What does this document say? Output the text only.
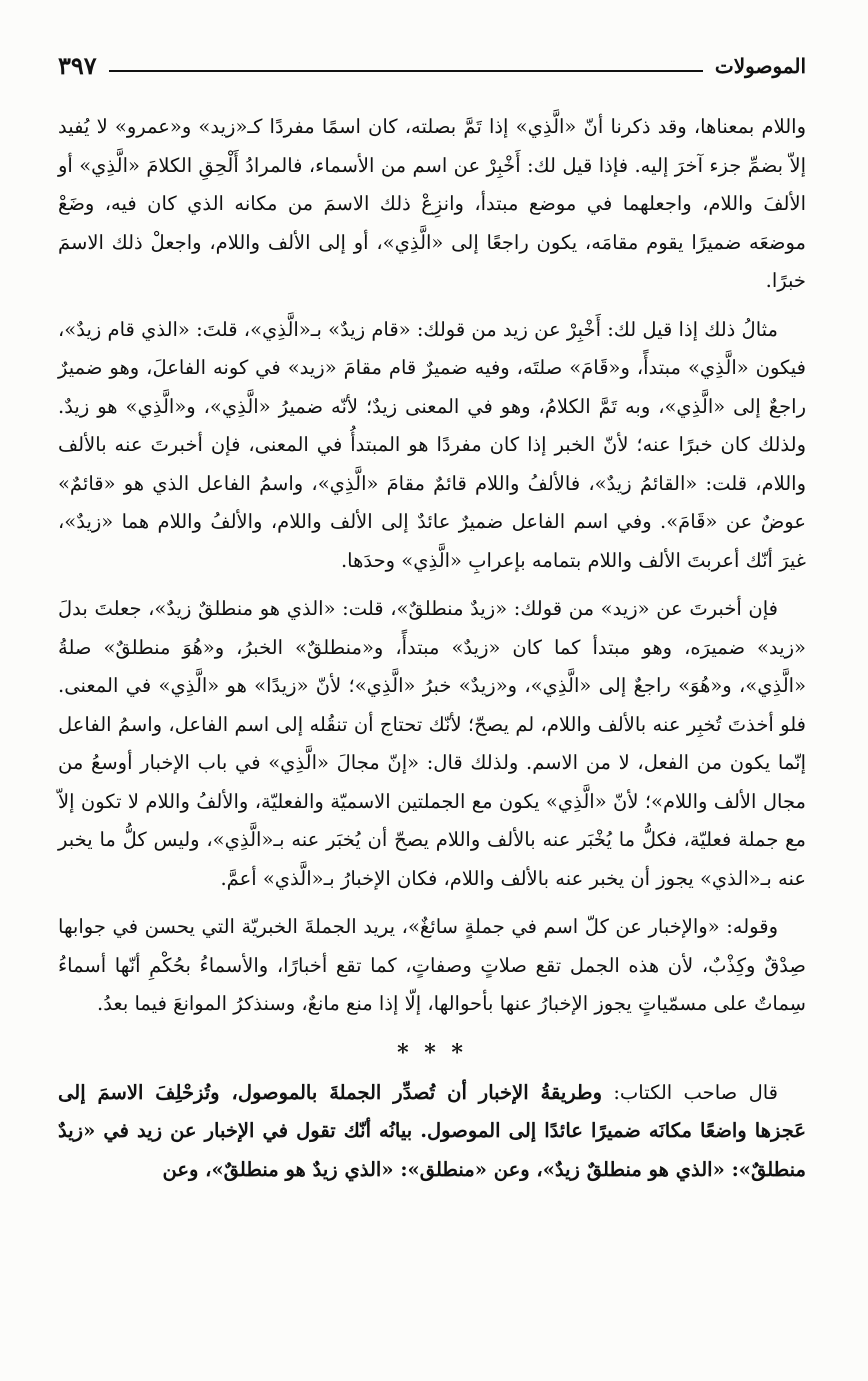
الموصولات
٣٩٧

واللام بمعناها، وقد ذكرنا أنّ «الَّذِي» إذا تَمَّ بصلته، كان اسمًا مفردًا كـ«زيد» و«عمرو» لا يُفيد إلاّ بضمِّ جزء آخرَ إليه. فإذا قيل لك: أَخْبِرْ عن اسم من الأسماء، فالمرادُ أَلْحِقِ الكلامَ «الَّذِي» أو الألفَ واللام، واجعلهما في موضع مبتدأ، وانزِعْ ذلك الاسمَ من مكانه الذي كان فيه، وضَعْ موضعَه ضميرًا يقوم مقامَه، يكون راجعًا إلى «الَّذِي»، أو إلى الألف واللام، واجعلْ ذلك الاسمَ خبرًا.

مثالُ ذلك إذا قيل لك: أَخْبِرْ عن زيد من قولك: «قام زيدٌ» بـ«الَّذِي»، قلتَ: «الذي قام زيدٌ»، فيكون «الَّذِي» مبتدأً، و«قَامَ» صلتَه، وفيه ضميرٌ قام مقامَ «زيد» في كونه الفاعلَ، وهو ضميرٌ راجعٌ إلى «الَّذِي»، وبه تَمَّ الكلامُ، وهو في المعنى زيدٌ؛ لأنّه ضميرُ «الَّذِي»، و«الَّذِي» هو زيدٌ. ولذلك كان خبرًا عنه؛ لأنّ الخبر إذا كان مفردًا هو المبتدأُ في المعنى، فإن أخبرتَ عنه بالألف واللام، قلت: «القائمُ زيدٌ»، فالألفُ واللام قائمٌ مقامَ «الَّذِي»، واسمُ الفاعل الذي هو «قائمٌ» عوضٌ عن «قَامَ». وفي اسم الفاعل ضميرٌ عائدٌ إلى الألف واللام، والألفُ واللام هما «زيدٌ»، غيرَ أنّك أعربتَ الألف واللام بتمامه بإعرابِ «الَّذِي» وحدَها.

فإن أخبرتَ عن «زيد» من قولك: «زيدٌ منطلقٌ»، قلت: «الذي هو منطلقٌ زيدٌ»، جعلتَ بدلَ «زيد» ضميرَه، وهو مبتدأ كما كان «زيدٌ» مبتدأً، و«منطلقٌ» الخبرُ، و«هُوَ منطلقٌ» صلةُ «الَّذِي»، و«هُوَ» راجعٌ إلى «الَّذِي»، و«زيدٌ» خبرُ «الَّذِي»؛ لأنّ «زيدًا» هو «الَّذِي» في المعنى. فلو أخذتَ تُخبِر عنه بالألف واللام، لم يصحّ؛ لأنّك تحتاج أن تنقُله إلى اسم الفاعل، واسمُ الفاعل إنّما يكون من الفعل، لا من الاسم. ولذلك قال: «إنّ مجالَ «الَّذِي» في باب الإخبار أوسعُ من مجال الألف واللام»؛ لأنّ «الَّذِي» يكون مع الجملتين الاسميّة والفعليّة، والألفُ واللام لا تكون إلاّ مع جملة فعليّة، فكلُّ ما يُخْبَر عنه بالألف واللام يصحّ أن يُخبَر عنه بـ«الَّذِي»، وليس كلُّ ما يخبر عنه بـ«الذي» يجوز أن يخبر عنه بالألف واللام، فكان الإخبارُ بـ«الَّذي» أعمَّ.

وقوله: «والإخبار عن كلّ اسم في جملةٍ سائغٌ»، يريد الجملةَ الخبريّة التي يحسن في جوابها صِدْقٌ وكِذْبٌ، لأن هذه الجمل تقع صلاتٍ وصفاتٍ، كما تقع أخبارًا، والأسماءُ بحُكْمِ أنّها أسماءُ سِماتٌ على مسمّياتٍ يجوز الإخبارُ عنها بأحوالها، إلّا إذا منع مانعٌ، وسنذكرُ الموانعَ فيما بعدُ.

* * *

قال صاحب الكتاب: وطريقةُ الإخبار أن تُصدِّر الجملةَ بالموصول، وتُزحْلِفَ الاسمَ إلى عَجزها واضعًا مكانَه ضميرًا عائدًا إلى الموصول. بيانُه أنّك تقول في الإخبار عن زيد في «زيدٌ منطلقٌ»: «الذي هو منطلقٌ زيدٌ»، وعن «منطلق»: «الذي زيدٌ هو منطلقٌ»، وعن
